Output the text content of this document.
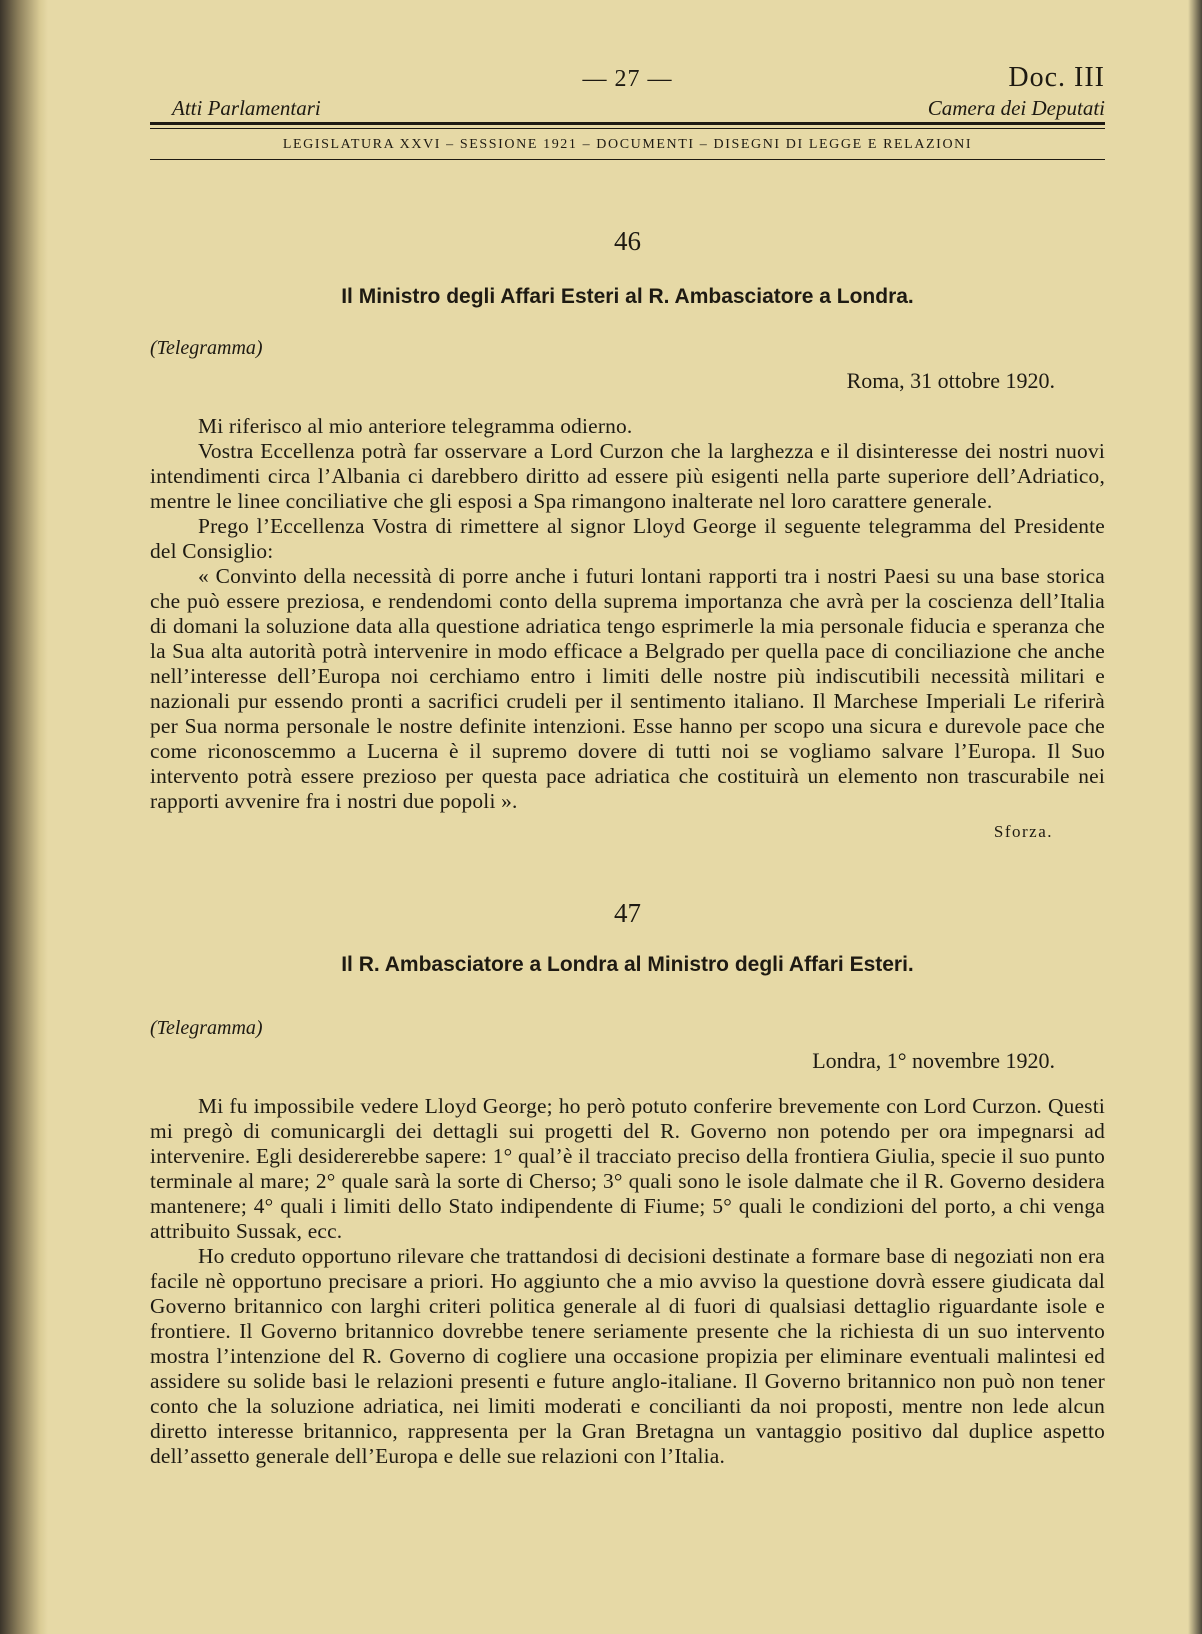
— 27 —	Doc. III
Atti Parlamentari	Camera dei Deputati
LEGISLATURA XXVI – SESSIONE 1921 – DOCUMENTI – DISEGNI DI LEGGE E RELAZIONI
46
Il Ministro degli Affari Esteri al R. Ambasciatore a Londra.
(Telegramma)
Roma, 31 ottobre 1920.

Mi riferisco al mio anteriore telegramma odierno.

Vostra Eccellenza potrà far osservare a Lord Curzon che la larghezza e il disinteresse dei nostri nuovi intendimenti circa l’Albania ci darebbero diritto ad essere più esigenti nella parte superiore dell’Adriatico, mentre le linee conciliative che gli esposi a Spa rimangono inalterate nel loro carattere generale.

Prego l’Eccellenza Vostra di rimettere al signor Lloyd George il seguente telegramma del Presidente del Consiglio:

« Convinto della necessità di porre anche i futuri lontani rapporti tra i nostri Paesi su una base storica che può essere preziosa, e rendendomi conto della suprema importanza che avrà per la coscienza dell’Italia di domani la soluzione data alla questione adriatica tengo esprimerle la mia personale fiducia e speranza che la Sua alta autorità potrà intervenire in modo efficace a Belgrado per quella pace di conciliazione che anche nell’interesse dell’Europa noi cerchiamo entro i limiti delle nostre più indiscutibili necessità militari e nazionali pur essendo pronti a sacrifici crudeli per il sentimento italiano. Il Marchese Imperiali Le riferirà per Sua norma personale le nostre definite intenzioni. Esse hanno per scopo una sicura e durevole pace che come riconoscemmo a Lucerna è il supremo dovere di tutti noi se vogliamo salvare l’Europa. Il Suo intervento potrà essere prezioso per questa pace adriatica che costituirà un elemento non trascurabile nei rapporti avvenire fra i nostri due popoli ».

Sforza.
47
Il R. Ambasciatore a Londra al Ministro degli Affari Esteri.
(Telegramma)
Londra, 1° novembre 1920.

Mi fu impossibile vedere Lloyd George; ho però potuto conferire brevemente con Lord Curzon. Questi mi pregò di comunicargli dei dettagli sui progetti del R. Governo non potendo per ora impegnarsi ad intervenire. Egli desidererebbe sapere: 1° qual’è il tracciato preciso della frontiera Giulia, specie il suo punto terminale al mare; 2° quale sarà la sorte di Cherso; 3° quali sono le isole dalmate che il R. Governo desidera mantenere; 4° quali i limiti dello Stato indipendente di Fiume; 5° quali le condizioni del porto, a chi venga attribuito Sussak, ecc.

Ho creduto opportuno rilevare che trattandosi di decisioni destinate a formare base di negoziati non era facile nè opportuno precisare a priori. Ho aggiunto che a mio avviso la questione dovrà essere giudicata dal Governo britannico con larghi criteri politica generale al di fuori di qualsiasi dettaglio riguardante isole e frontiere. Il Governo britannico dovrebbe tenere seriamente presente che la richiesta di un suo intervento mostra l’intenzione del R. Governo di cogliere una occasione propizia per eliminare eventuali malintesi ed assidere su solide basi le relazioni presenti e future anglo-italiane. Il Governo britannico non può non tener conto che la soluzione adriatica, nei limiti moderati e concilianti da noi proposti, mentre non lede alcun diretto interesse britannico, rappresenta per la Gran Bretagna un vantaggio positivo dal duplice aspetto dell’assetto generale dell’Europa e delle sue relazioni con l’Italia.
